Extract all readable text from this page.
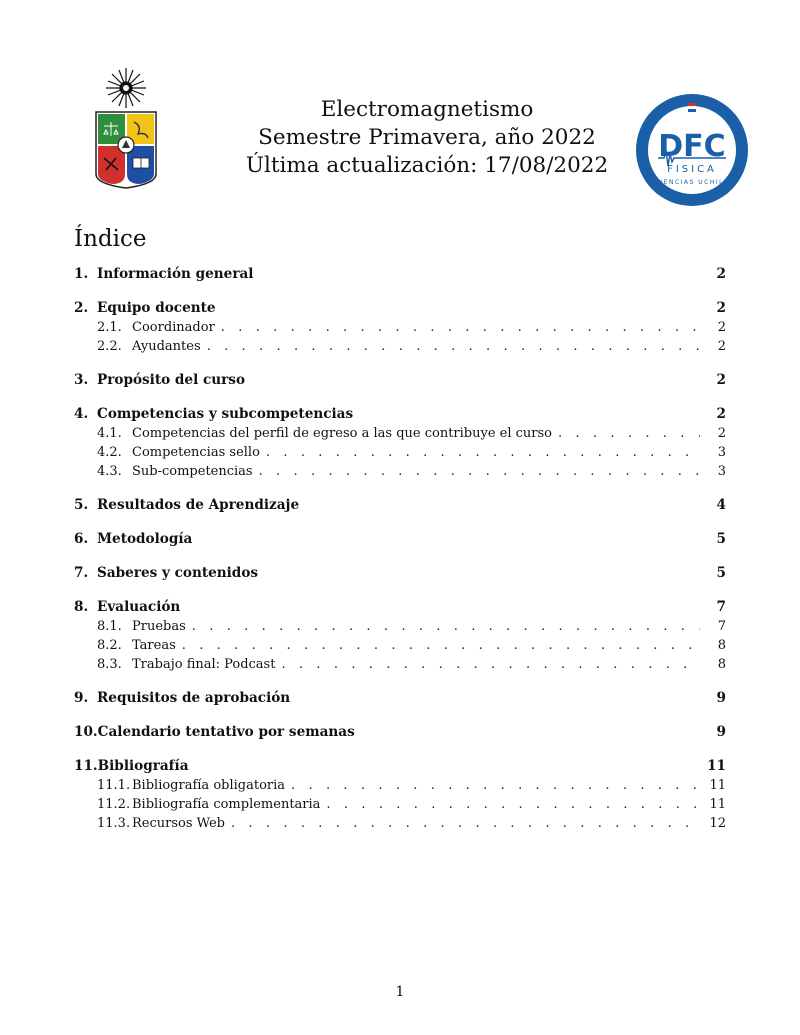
Electromagnetismo
Semestre Primavera, año 2022
Última actualización: 17/08/2022
DFC
FISICA
CIENCIAS UCHILE
Índice
1. Información general	2
2. Equipo docente	2
2.1. Coordinador . . .	2
2.2. Ayudantes . . .	2
3. Propósito del curso	2
4. Competencias y subcompetencias	2
4.1. Competencias del perfil de egreso a las que contribuye el curso . . .	2
4.2. Competencias sello . . .	3
4.3. Sub-competencias . . .	3
5. Resultados de Aprendizaje	4
6. Metodología	5
7. Saberes y contenidos	5
8. Evaluación	7
8.1. Pruebas . . .	7
8.2. Tareas . . .	8
8.3. Trabajo final: Podcast . . .	8
9. Requisitos de aprobación	9
10. Calendario tentativo por semanas	9
11. Bibliografía	11
11.1. Bibliografía obligatoria . . .	11
11.2. Bibliografía complementaria . . .	11
11.3. Recursos Web . . .	12
1
